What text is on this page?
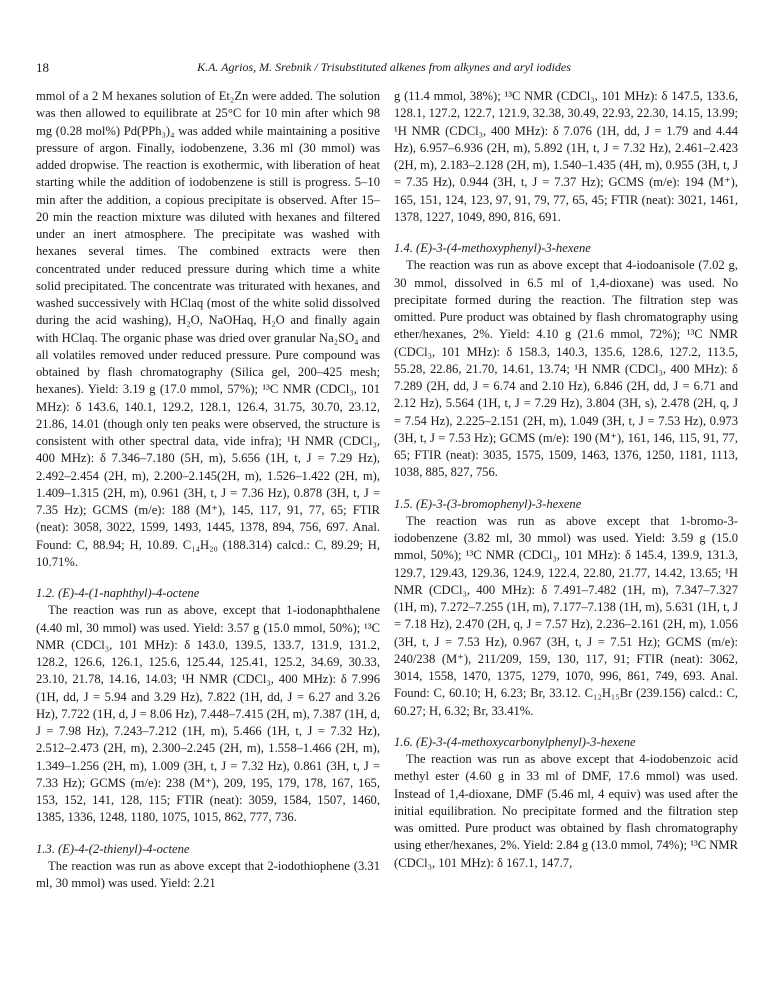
18	K.A. Agrios, M. Srebnik / Trisubstituted alkenes from alkynes and aryl iodides

mmol of a 2 M hexanes solution of Et₂Zn were added. The solution was then allowed to equilibrate at 25°C for 10 min after which 98 mg (0.28 mol%) Pd(PPh₃)₄ was added while maintaining a positive pressure of argon. Finally, iodobenzene, 3.36 ml (30 mmol) was added dropwise. The reaction is exothermic, with liberation of heat starting while the addition of iodobenzene is still is progress. 5–10 min after the addition, a copious precipitate is observed. After 15–20 min the reaction mixture was diluted with hexanes and filtered under an inert atmosphere. The precipitate was washed with hexanes several times. The combined extracts were then concentrated under reduced pressure during which time a white solid precipitated. The concentrate was triturated with hexanes, and washed successively with HClaq (most of the white solid dissolved during the acid washing), H₂O, NaOHaq, H₂O and finally again with HClaq. The organic phase was dried over granular Na₂SO₄ and all volatiles removed under reduced pressure. Pure compound was obtained by flash chromatography (Silica gel, 200–425 mesh; hexanes). Yield: 3.19 g (17.0 mmol, 57%); ¹³C NMR (CDCl₃, 101 MHz): δ 143.6, 140.1, 129.2, 128.1, 126.4, 31.75, 30.70, 23.12, 21.86, 14.01 (though only ten peaks were observed, the structure is consistent with other spectral data, vide infra); ¹H NMR (CDCl₃, 400 MHz): δ 7.346–7.180 (5H, m), 5.656 (1H, t, J = 7.29 Hz), 2.492–2.454 (2H, m), 2.200–2.145(2H, m), 1.526–1.422 (2H, m), 1.409–1.315 (2H, m), 0.961 (3H, t, J = 7.36 Hz), 0.878 (3H, t, J = 7.35 Hz); GCMS (m/e): 188 (M⁺), 145, 117, 91, 77, 65; FTIR (neat): 3058, 3022, 1599, 1493, 1445, 1378, 894, 756, 697. Anal. Found: C, 88.94; H, 10.89. C₁₄H₂₀ (188.314) calcd.: C, 89.29; H, 10.71%.

1.2. (E)-4-(1-naphthyl)-4-octene

The reaction was run as above, except that 1-iodonaphthalene (4.40 ml, 30 mmol) was used. Yield: 3.57 g (15.0 mmol, 50%); ¹³C NMR (CDCl₃, 101 MHz): δ 143.0, 139.5, 133.7, 131.9, 131.2, 128.2, 126.6, 126.1, 125.6, 125.44, 125.41, 125.2, 34.69, 30.33, 23.10, 21.78, 14.16, 14.03; ¹H NMR (CDCl₃, 400 MHz): δ 7.996 (1H, dd, J = 5.94 and 3.29 Hz), 7.822 (1H, dd, J = 6.27 and 3.26 Hz), 7.722 (1H, d, J = 8.06 Hz), 7.448–7.415 (2H, m), 7.387 (1H, d, J = 7.98 Hz), 7.243–7.212 (1H, m), 5.466 (1H, t, J = 7.32 Hz), 2.512–2.473 (2H, m), 2.300–2.245 (2H, m), 1.558–1.466 (2H, m), 1.349–1.256 (2H, m), 1.009 (3H, t, J = 7.32 Hz), 0.861 (3H, t, J = 7.33 Hz); GCMS (m/e): 238 (M⁺), 209, 195, 179, 178, 167, 165, 153, 152, 141, 128, 115; FTIR (neat): 3059, 1584, 1507, 1460, 1385, 1336, 1248, 1180, 1075, 1015, 862, 777, 736.

1.3. (E)-4-(2-thienyl)-4-octene

The reaction was run as above except that 2-iodothiophene (3.31 ml, 30 mmol) was used. Yield: 2.21

g (11.4 mmol, 38%); ¹³C NMR (CDCl₃, 101 MHz): δ 147.5, 133.6, 128.1, 127.2, 122.7, 121.9, 32.38, 30.49, 22.93, 22.30, 14.15, 13.99; ¹H NMR (CDCl₃, 400 MHz): δ 7.076 (1H, dd, J = 1.79 and 4.44 Hz), 6.957–6.936 (2H, m), 5.892 (1H, t, J = 7.32 Hz), 2.461–2.423 (2H, m), 2.183–2.128 (2H, m), 1.540–1.435 (4H, m), 0.955 (3H, t, J = 7.35 Hz), 0.944 (3H, t, J = 7.37 Hz); GCMS (m/e): 194 (M⁺), 165, 151, 124, 123, 97, 91, 79, 77, 65, 45; FTIR (neat): 3021, 1461, 1378, 1227, 1049, 890, 816, 691.

1.4. (E)-3-(4-methoxyphenyl)-3-hexene

The reaction was run as above except that 4-iodoanisole (7.02 g, 30 mmol, dissolved in 6.5 ml of 1,4-dioxane) was used. No precipitate formed during the reaction. The filtration step was omitted. Pure product was obtained by flash chromatography using ether/hexanes, 2%. Yield: 4.10 g (21.6 mmol, 72%); ¹³C NMR (CDCl₃, 101 MHz): δ 158.3, 140.3, 135.6, 128.6, 127.2, 113.5, 55.28, 22.86, 21.70, 14.61, 13.74; ¹H NMR (CDCl₃, 400 MHz): δ 7.289 (2H, dd, J = 6.74 and 2.10 Hz), 6.846 (2H, dd, J = 6.71 and 2.12 Hz), 5.564 (1H, t, J = 7.29 Hz), 3.804 (3H, s), 2.478 (2H, q, J = 7.54 Hz), 2.225–2.151 (2H, m), 1.049 (3H, t, J = 7.53 Hz), 0.973 (3H, t, J = 7.53 Hz); GCMS (m/e): 190 (M⁺), 161, 146, 115, 91, 77, 65; FTIR (neat): 3035, 1575, 1509, 1463, 1376, 1250, 1181, 1113, 1038, 885, 827, 756.

1.5. (E)-3-(3-bromophenyl)-3-hexene

The reaction was run as above except that 1-bromo-3-iodobenzene (3.82 ml, 30 mmol) was used. Yield: 3.59 g (15.0 mmol, 50%); ¹³C NMR (CDCl₃, 101 MHz): δ 145.4, 139.9, 131.3, 129.7, 129.43, 129.36, 124.9, 122.4, 22.80, 21.77, 14.42, 13.65; ¹H NMR (CDCl₃, 400 MHz): δ 7.491–7.482 (1H, m), 7.347–7.327 (1H, m), 7.272–7.255 (1H, m), 7.177–7.138 (1H, m), 5.631 (1H, t, J = 7.18 Hz), 2.470 (2H, q, J = 7.57 Hz), 2.236–2.161 (2H, m), 1.056 (3H, t, J = 7.53 Hz), 0.967 (3H, t, J = 7.51 Hz); GCMS (m/e): 240/238 (M⁺), 211/209, 159, 130, 117, 91; FTIR (neat): 3062, 3014, 1558, 1470, 1375, 1279, 1070, 996, 861, 749, 693. Anal. Found: C, 60.10; H, 6.23; Br, 33.12. C₁₂H₁₅Br (239.156) calcd.: C, 60.27; H, 6.32; Br, 33.41%.

1.6. (E)-3-(4-methoxycarbonylphenyl)-3-hexene

The reaction was run as above except that 4-iodobenzoic acid methyl ester (4.60 g in 33 ml of DMF, 17.6 mmol) was used. Instead of 1,4-dioxane, DMF (5.46 ml, 4 equiv) was used after the initial equilibration. No precipitate formed and the filtration step was omitted. Pure product was obtained by flash chromatography using ether/hexanes, 2%. Yield: 2.84 g (13.0 mmol, 74%); ¹³C NMR (CDCl₃, 101 MHz): δ 167.1, 147.7,
